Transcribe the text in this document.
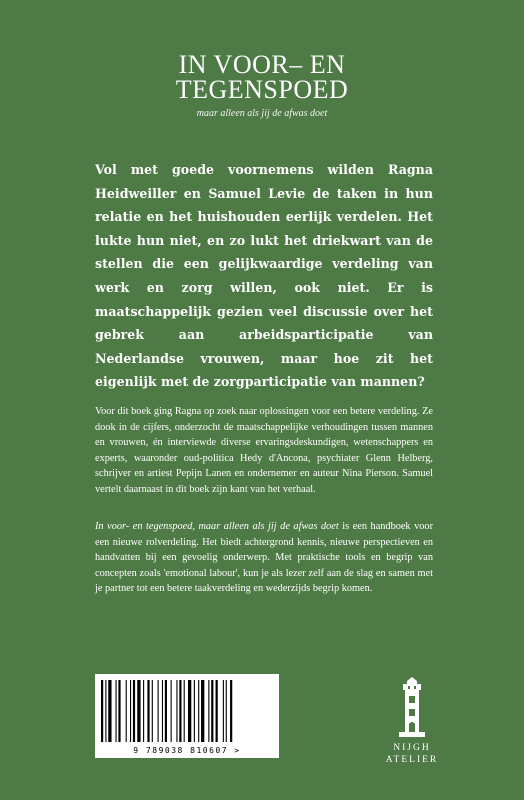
IN VOOR– EN
TEGENSPOED
maar alleen als jij de afwas doet

Vol met goede voornemens wilden Ragna Heidweiller en Samuel Levie de taken in hun relatie en het huishouden eerlijk verdelen. Het lukte hun niet, en zo lukt het driekwart van de stellen die een gelijkwaardige verdeling van werk en zorg willen, ook niet. Er is maatschappelijk gezien veel discussie over het gebrek aan arbeidsparticipatie van Nederlandse vrouwen, maar hoe zit het eigenlijk met de zorgparticipatie van mannen?

Voor dit boek ging Ragna op zoek naar oplossingen voor een betere verdeling. Ze dook in de cijfers, onderzocht de maatschappelijke verhoudingen tussen mannen en vrouwen, én interviewde diverse ervaringsdeskundigen, wetenschappers en experts, waaronder oud-politica Hedy d'Ancona, psychiater Glenn Helberg, schrijver en artiest Pepijn Lanen en ondernemer en auteur Nina Pierson. Samuel vertelt daarnaast in dit boek zijn kant van het verhaal.

In voor- en tegenspoed, maar alleen als jij de afwas doet is een handboek voor een nieuwe rolverdeling. Het biedt achtergrond kennis, nieuwe perspectieven en handvatten bij een gevoelig onderwerp. Met praktische tools en begrip van concepten zoals 'emotional labour', kun je als lezer zelf aan de slag en samen met je partner tot een betere taakverdeling en wederzijds begrip komen.

9 789038 810607 >	NIJGH
ATELIER
